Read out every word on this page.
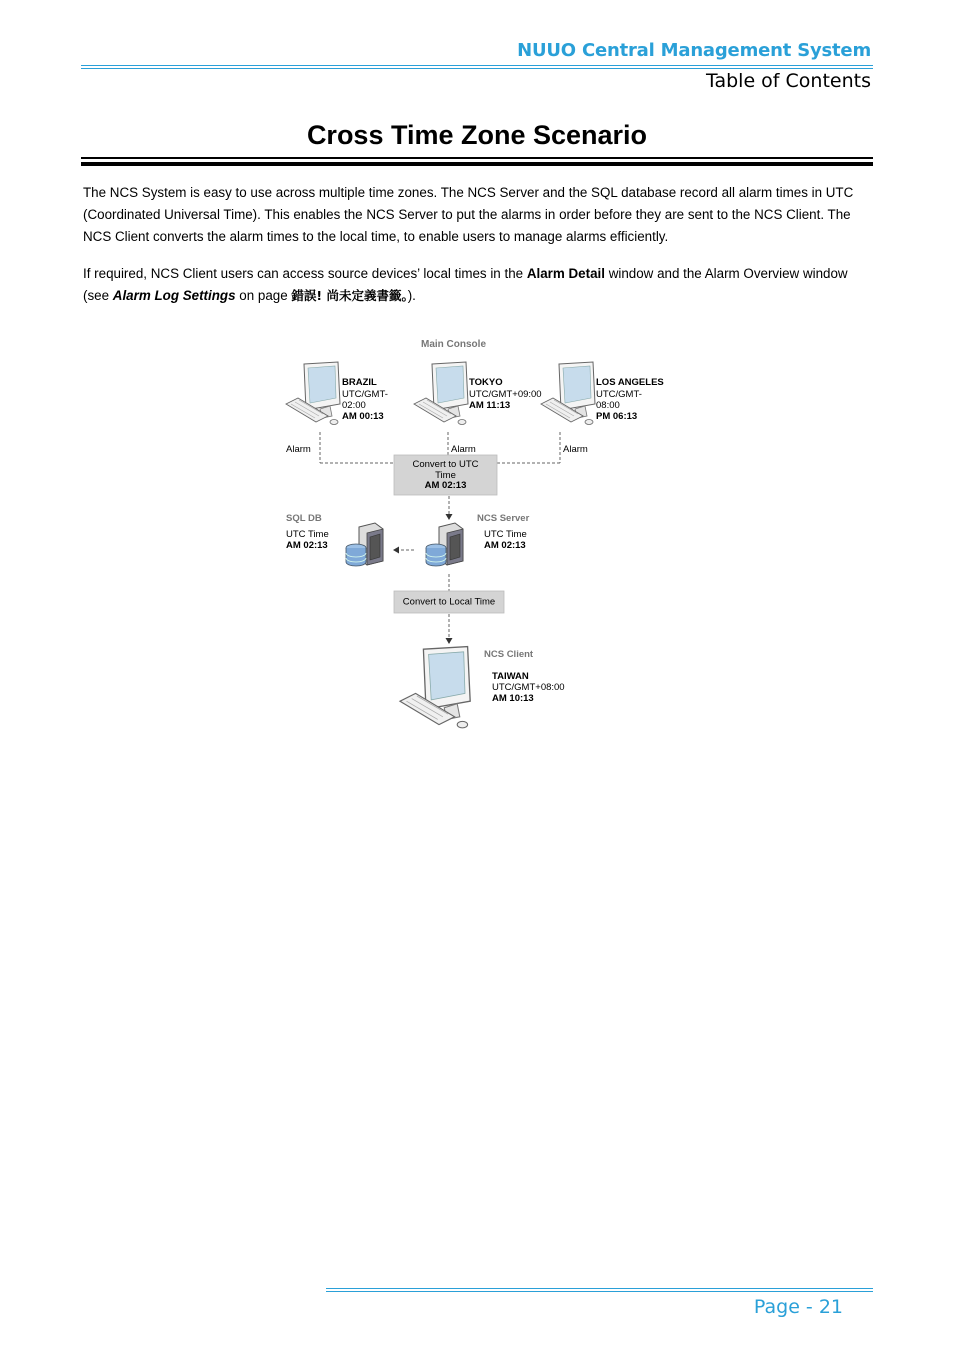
NUUO Central Management System
Table of Contents
Cross Time Zone Scenario
The NCS System is easy to use across multiple time zones. The NCS Server and the SQL database record all alarm times in UTC (Coordinated Universal Time). This enables the NCS Server to put the alarms in order before they are sent to the NCS Client. The NCS Client converts the alarm times to the local time, to enable users to manage alarms efficiently.
If required, NCS Client users can access source devices’ local times in the Alarm Detail window and the Alarm Overview window (see Alarm Log Settings on page 錯誤! 尚未定義書籤。).
Main Console
BRAZIL
UTC/GMT-
02:00
AM 00:13
TOKYO
UTC/GMT+09:00
AM 11:13
LOS ANGELES
UTC/GMT-
08:00
PM 06:13
Alarm	Alarm	Alarm
Convert to UTC
Time
AM 02:13
SQL DB
UTC Time
AM 02:13
NCS Server
UTC Time
AM 02:13
Convert to Local Time
NCS Client
TAIWAN
UTC/GMT+08:00
AM 10:13
Page - 21
